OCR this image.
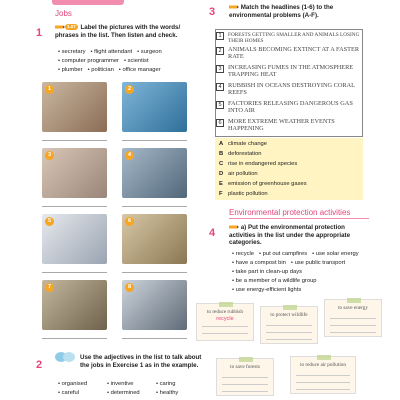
Jobs
1
1.07 Label the pictures with the words/ phrases in the list. Then listen and check.
• secretary • flight attendant • surgeon
• computer programmer • scientist
• plumber • politician • office manager
1	2
3	4
5	6
7	8
2
Use the adjectives in the list to talk about the jobs in Exercise 1 as in the example.
• organised	• inventive	• caring
• careful	• determined	• healthy
3	Match the headlines (1-6) to the environmental problems (A-F).
1	FORESTS GETTING SMALLER AND ANIMALS LOSING THEIR HOMES
2	ANIMALS BECOMING EXTINCT AT A FASTER RATE
3	INCREASING FUMES IN THE ATMOSPHERE TRAPPING HEAT
4	RUBBISH IN OCEANS DESTROYING CORAL REEFS
5	FACTORIES RELEASING DANGEROUS GAS INTO AIR
6	MORE EXTREME WEATHER EVENTS HAPPENING
A climate change
B deforestation
C rise in endangered species
D air pollution
E emission of greenhouse gases
F plastic pollution
Environmental protection activities
4	a) Put the environmental protection activities in the list under the appropriate categories.
• recycle • put out campfires • use solar energy
• have a compost bin • use public transport
• take part in clean-up days
• be a member of a wildlife group
• use energy-efficient lights
to reduce rubbish
recycle
to protect wildlife
to save energy
to save forests	to reduce air pollution
